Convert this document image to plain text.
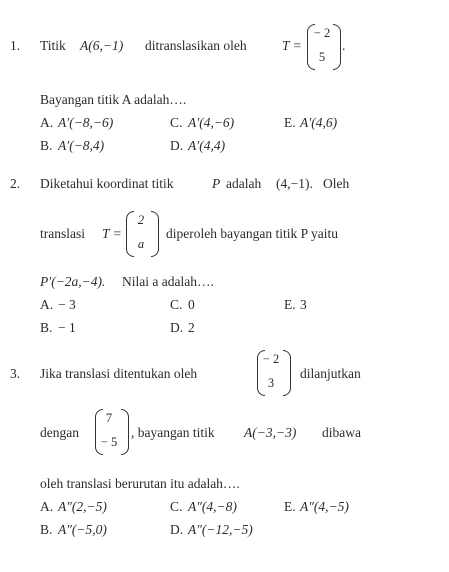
1. Titik A(6,−1) ditranslasikan oleh	T =
− 2
5
.
Bayangan titik A adalah….
A. A′(−8,−6)	C. A′(4,−6)	E. A′(4,6)
B. A′(−8,4)	D. A′(4,4)
2. Diketahui koordinat titik	P adalah (4,−1). Oleh
translasi T =
2
a
diperoleh bayangan titik P yaitu
P′(−2a,−4). Nilai a adalah….
A. − 3	C. 0	E. 3
B. − 1	D. 2
3. Jika translasi ditentukan oleh
− 2
3
dilanjutkan
dengan
7
− 5
, bayangan titik A(−3,−3) dibawa
oleh translasi berurutan itu adalah….
A. A″(2,−5)	C. A″(4,−8)	E. A″(4,−5)
B. A″(−5,0)	D. A″(−12,−5)
